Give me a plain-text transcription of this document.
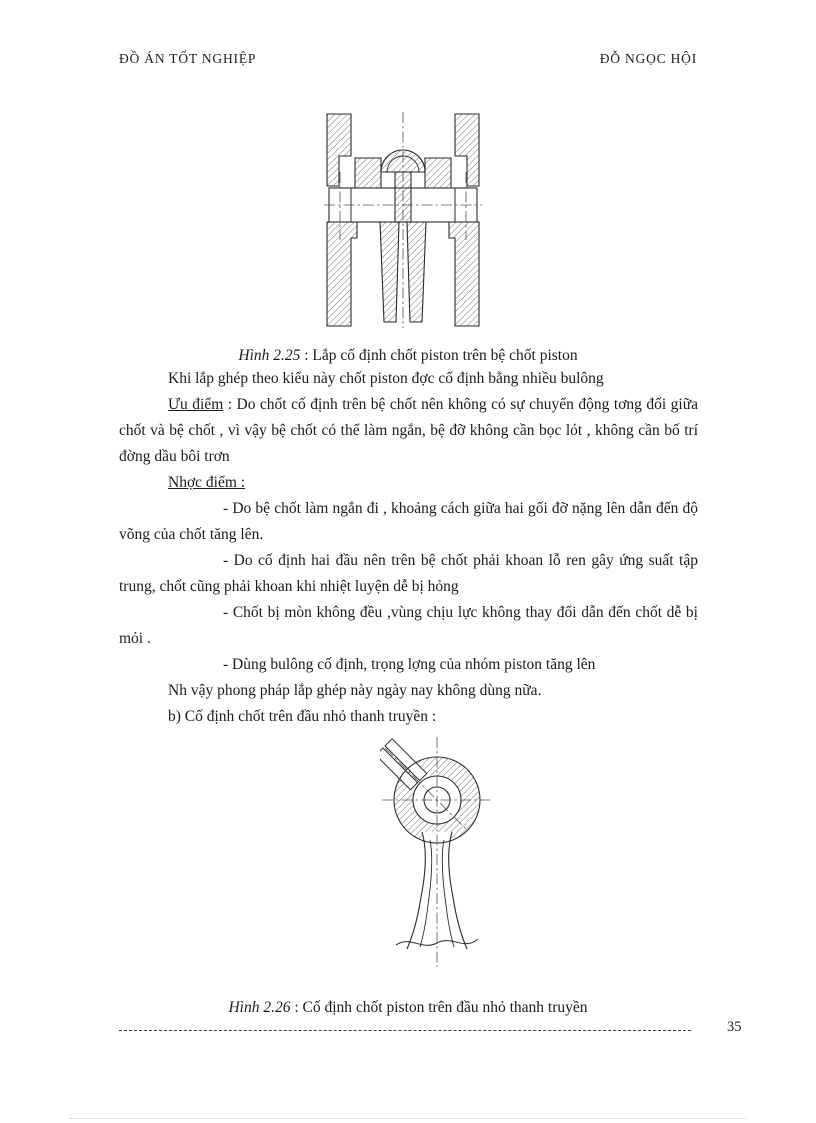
ĐỒ ÁN TỐT NGHIỆP	ĐỖ NGỌC HỘI
Hình 2.25 : Lắp cố định chốt piston trên bệ chốt piston

Khi lắp ghép theo kiểu này chốt piston đợc cố định bằng nhiều bulông

Ưu điểm : Do chốt cố định trên bệ chốt nên không có sự chuyển động tơng đối giữa chốt và bệ chốt , vì vậy bệ chốt có thể làm ngắn, bệ đỡ không cần bọc lót , không cần bố trí đờng dầu bôi trơn

Nhợc điểm :

- Do bệ chốt làm ngắn đi , khoảng cách giữa hai gối đỡ nặng lên dẫn đến độ võng của chốt tăng lên.

- Do cố định hai đầu nên trên bệ chốt phải khoan lỗ ren gây ứng suất tập trung, chốt cũng phải khoan khi nhiệt luyện dễ bị hỏng

- Chốt bị mòn không đều ,vùng chịu lực không thay đổi dẫn đến chốt dễ bị mỏi .

- Dùng bulông cố định, trọng lợng của nhóm piston tăng lên

Nh vậy phong pháp lắp ghép này ngày nay không dùng nữa.

b) Cố định chốt trên đầu nhỏ thanh truyền :

Hình 2.26 : Cố định chốt piston trên đầu nhỏ thanh truyền
35
